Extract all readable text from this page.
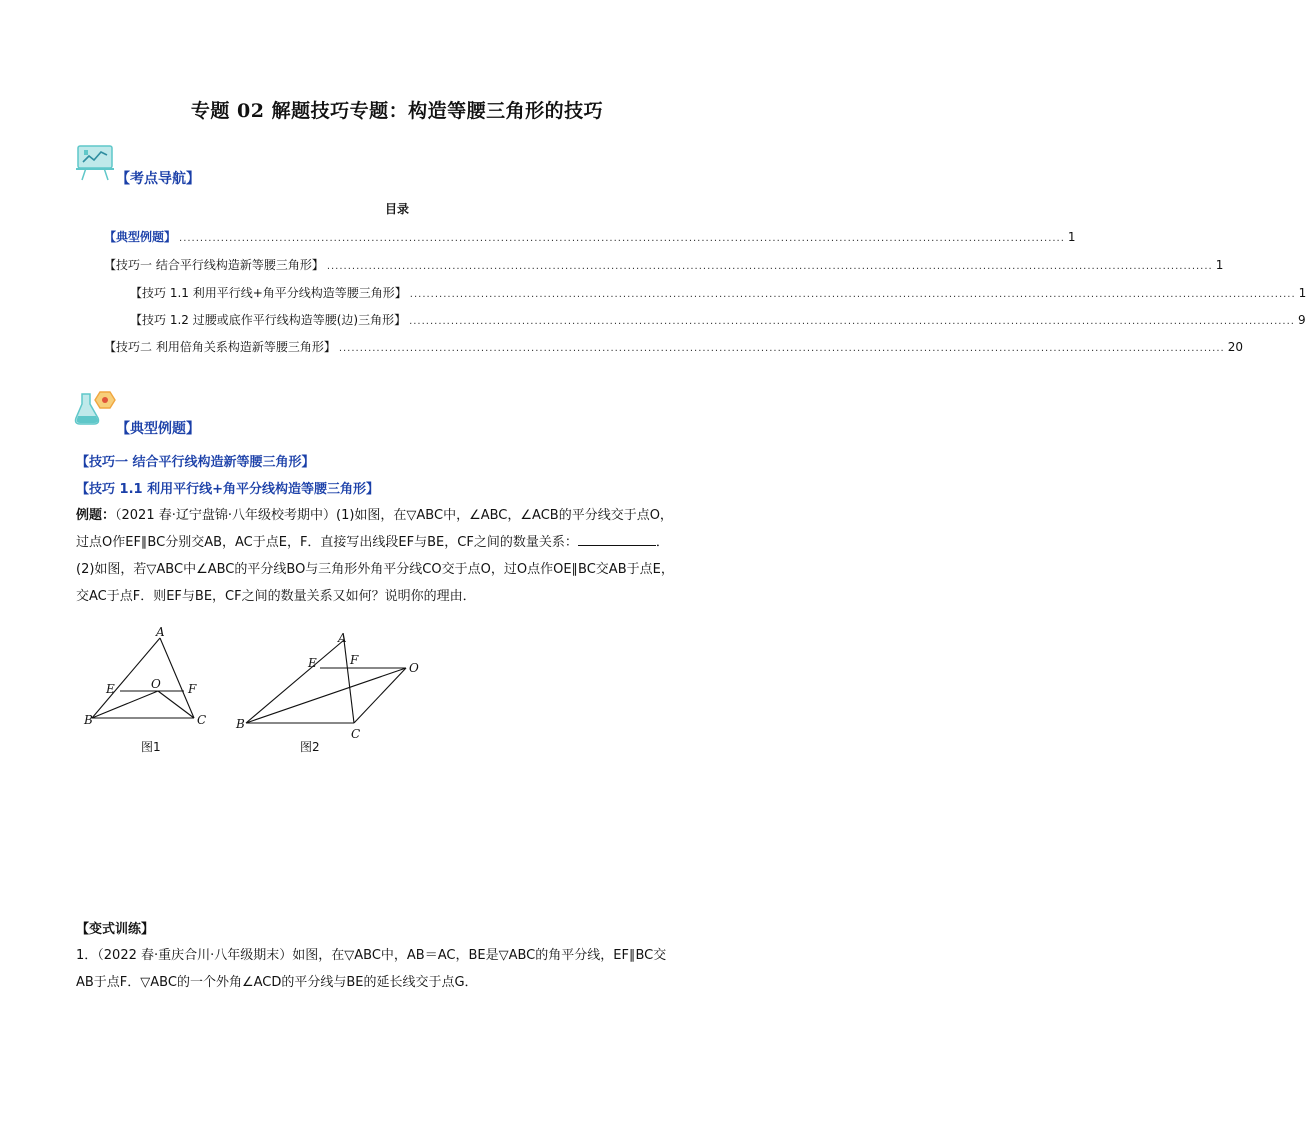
专题 02 解题技巧专题：构造等腰三角形的技巧
【考点导航】
目录
【典型例题】 .................................................................................................................................................................................................................... 1
【技巧一 结合平行线构造新等腰三角形】 .................................................................................................................................................................................................................... 1
【技巧 1.1 利用平行线+角平分线构造等腰三角形】 .................................................................................................................................................................................................................... 1
【技巧 1.2 过腰或底作平行线构造等腰(边)三角形】 .................................................................................................................................................................................................................... 9
【技巧二 利用倍角关系构造新等腰三角形】 .................................................................................................................................................................................................................... 20
【典型例题】
【技巧一 结合平行线构造新等腰三角形】
【技巧 1.1 利用平行线+角平分线构造等腰三角形】
例题：（2021 春·辽宁盘锦·八年级校考期中）(1)如图，在▽ABC中，∠ABC，∠ACB的平分线交于点O，
过点O作EF∥BC分别交AB，AC于点E，F．直接写出线段EF与BE，CF之间的数量关系：	．
(2)如图，若▽ABC中∠ABC的平分线BO与三角形外角平分线CO交于点O，过O点作OE∥BC交AB于点E，
交AC于点F．则EF与BE，CF之间的数量关系又如何？说明你的理由．
A
B	C
E	F
O
图1
A
B
C
E	F
O
图2
【变式训练】
1．（2022 春·重庆合川·八年级期末）如图，在▽ABC中，AB＝AC，BE是▽ABC的角平分线，EF∥BC交
AB于点F．▽ABC的一个外角∠ACD的平分线与BE的延长线交于点G．
